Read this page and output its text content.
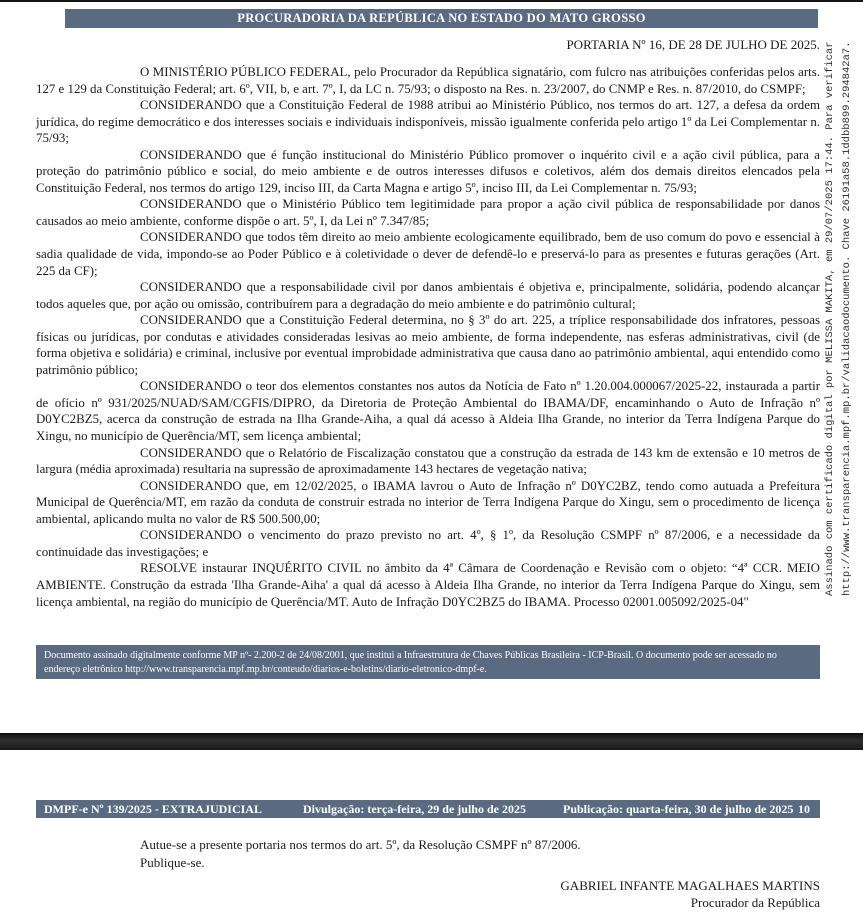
PROCURADORIA DA REPÚBLICA NO ESTADO DO MATO GROSSO
PORTARIA Nº 16, DE 28 DE JULHO DE 2025.

O MINISTÉRIO PÚBLICO FEDERAL, pelo Procurador da República signatário, com fulcro nas atribuições conferidas pelos arts. 127 e 129 da Constituição Federal; art. 6º, VII, b, e art. 7º, I, da LC n. 75/93; o disposto na Res. n. 23/2007, do CNMP e Res. n. 87/2010, do CSMPF;

CONSIDERANDO que a Constituição Federal de 1988 atribui ao Ministério Público, nos termos do art. 127, a defesa da ordem jurídica, do regime democrático e dos interesses sociais e individuais indisponíveis, missão igualmente conferida pelo artigo 1º da Lei Complementar n. 75/93;

CONSIDERANDO que é função institucional do Ministério Público promover o inquérito civil e a ação civil pública, para a proteção do patrimônio público e social, do meio ambiente e de outros interesses difusos e coletivos, além dos demais direitos elencados pela Constituição Federal, nos termos do artigo 129, inciso III, da Carta Magna e artigo 5º, inciso III, da Lei Complementar n. 75/93;

CONSIDERANDO que o Ministério Público tem legitimidade para propor a ação civil pública de responsabilidade por danos causados ao meio ambiente, conforme dispõe o art. 5º, I, da Lei nº 7.347/85;

CONSIDERANDO que todos têm direito ao meio ambiente ecologicamente equilibrado, bem de uso comum do povo e essencial à sadia qualidade de vida, impondo-se ao Poder Público e à coletividade o dever de defendê-lo e preservá-lo para as presentes e futuras gerações (Art. 225 da CF);

CONSIDERANDO que a responsabilidade civil por danos ambientais é objetiva e, principalmente, solidária, podendo alcançar todos aqueles que, por ação ou omissão, contribuírem para a degradação do meio ambiente e do patrimônio cultural;

CONSIDERANDO que a Constituição Federal determina, no § 3º do art. 225, a tríplice responsabilidade dos infratores, pessoas físicas ou jurídicas, por condutas e atividades consideradas lesivas ao meio ambiente, de forma independente, nas esferas administrativas, civil (de forma objetiva e solidária) e criminal, inclusive por eventual improbidade administrativa que causa dano ao patrimônio ambiental, aqui entendido como patrimônio público;

CONSIDERANDO o teor dos elementos constantes nos autos da Notícia de Fato nº 1.20.004.000067/2025-22, instaurada a partir de ofício nº 931/2025/NUAD/SAM/CGFIS/DIPRO, da Diretoria de Proteção Ambiental do IBAMA/DF, encaminhando o Auto de Infração nº D0YC2BZ5, acerca da construção de estrada na Ilha Grande-Aiha, a qual dá acesso à Aldeia Ilha Grande, no interior da Terra Indígena Parque do Xingu, no município de Querência/MT, sem licença ambiental;

CONSIDERANDO que o Relatório de Fiscalização constatou que a construção da estrada de 143 km de extensão e 10 metros de largura (média aproximada) resultaria na supressão de aproximadamente 143 hectares de vegetação nativa;

CONSIDERANDO que, em 12/02/2025, o IBAMA lavrou o Auto de Infração nº D0YC2BZ, tendo como autuada a Prefeitura Municipal de Querência/MT, em razão da conduta de construir estrada no interior de Terra Indígena Parque do Xingu, sem o procedimento de licença ambiental, aplicando multa no valor de R$ 500.500,00;

CONSIDERANDO o vencimento do prazo previsto no art. 4º, § 1º, da Resolução CSMPF nº 87/2006, e a necessidade da continuidade das investigações; e

RESOLVE instaurar INQUÉRITO CIVIL no âmbito da 4ª Câmara de Coordenação e Revisão com o objeto: “4ª CCR. MEIO AMBIENTE. Construção da estrada 'Ilha Grande-Aiha' a qual dá acesso à Aldeia Ilha Grande, no interior da Terra Indígena Parque do Xingu, sem licença ambiental, na região do município de Querência/MT. Auto de Infração D0YC2BZ5 do IBAMA. Processo 02001.005092/2025-04"

Documento assinado digitalmente conforme MP nº- 2.200-2 de 24/08/2001, que institui a Infraestrutura de Chaves Públicas Brasileira - ICP-Brasil. O documento pode ser acessado no endereço eletrônico http://www.transparencia.mpf.mp.br/conteudo/diarios-e-boletins/diario-eletronico-dmpf-e.
DMPF-e Nº 139/2025 - EXTRAJUDICIAL	Divulgação: terça-feira, 29 de julho de 2025	Publicação: quarta-feira, 30 de julho de 2025 10
Autue-se a presente portaria nos termos do art. 5º, da Resolução CSMPF nº 87/2006.
Publique-se.
GABRIEL INFANTE MAGALHAES MARTINS
Procurador da República
Assinado com certificado digital por MELISSA MAKITA, em 29/07/2025 17:44. Para verificar http://www.transparencia.mpf.mp.br/validacaodocumento. Chave 26191a58.1ddbb899.294842a7.
